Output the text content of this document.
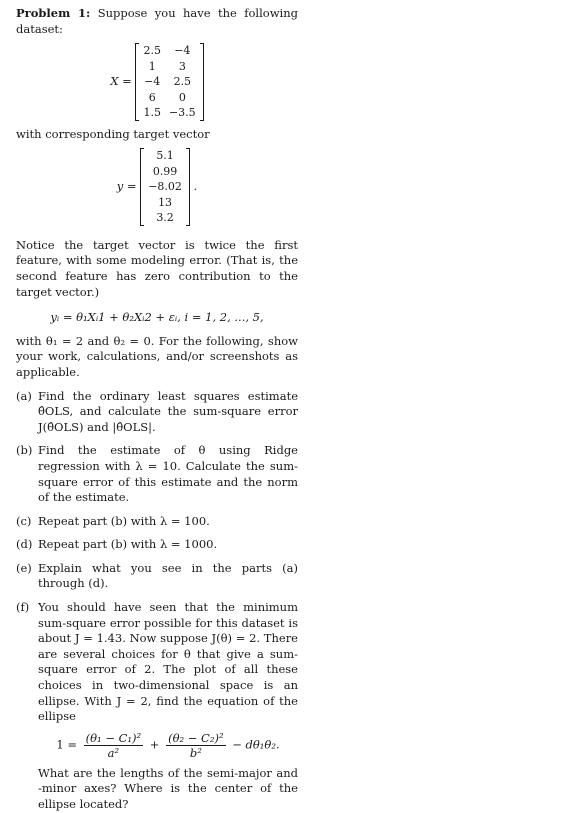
Problem 1: Suppose you have the following dataset:

X =
2.5	−4
1	3
−4	2.5
6	0
1.5	−3.5

with corresponding target vector

y =
5.1
0.99
−8.02
13
3.2
.

Notice the target vector is twice the first feature, with some modeling error. (That is, the second feature has zero contribution to the target vector.)

yᵢ = θ₁Xᵢ1 + θ₂Xᵢ2 + εᵢ, i = 1, 2, ..., 5,

with θ₁ = 2 and θ₂ = 0. For the following, show your work, calculations, and/or screenshots as applicable.

(a) Find the ordinary least squares estimate θ̂OLS, and calculate the sum-square error J(θ̂OLS) and |θ̂OLS|.
(b) Find the estimate of θ using Ridge regression with λ = 10. Calculate the sum-square error of this estimate and the norm of the estimate.
(c) Repeat part (b) with λ = 100.
(d) Repeat part (b) with λ = 1000.
(e) Explain what you see in the parts (a) through (d).
(f) You should have seen that the minimum sum-square error possible for this dataset is about J = 1.43. Now suppose J(θ) = 2. There are several choices for θ that give a sum-square error of 2. The plot of all these choices in two-dimensional space is an ellipse. With J = 2, find the equation of the ellipse
$1 = \frac{\text{(θ₁ − C₁)²}}{\text{a²}} + \frac{\text{(θ₂ − C₂)²}}{\text{b²}} - d\theta_1\theta_2$.
What are the lengths of the semi-major and -minor axes? Where is the center of the ellipse located?
